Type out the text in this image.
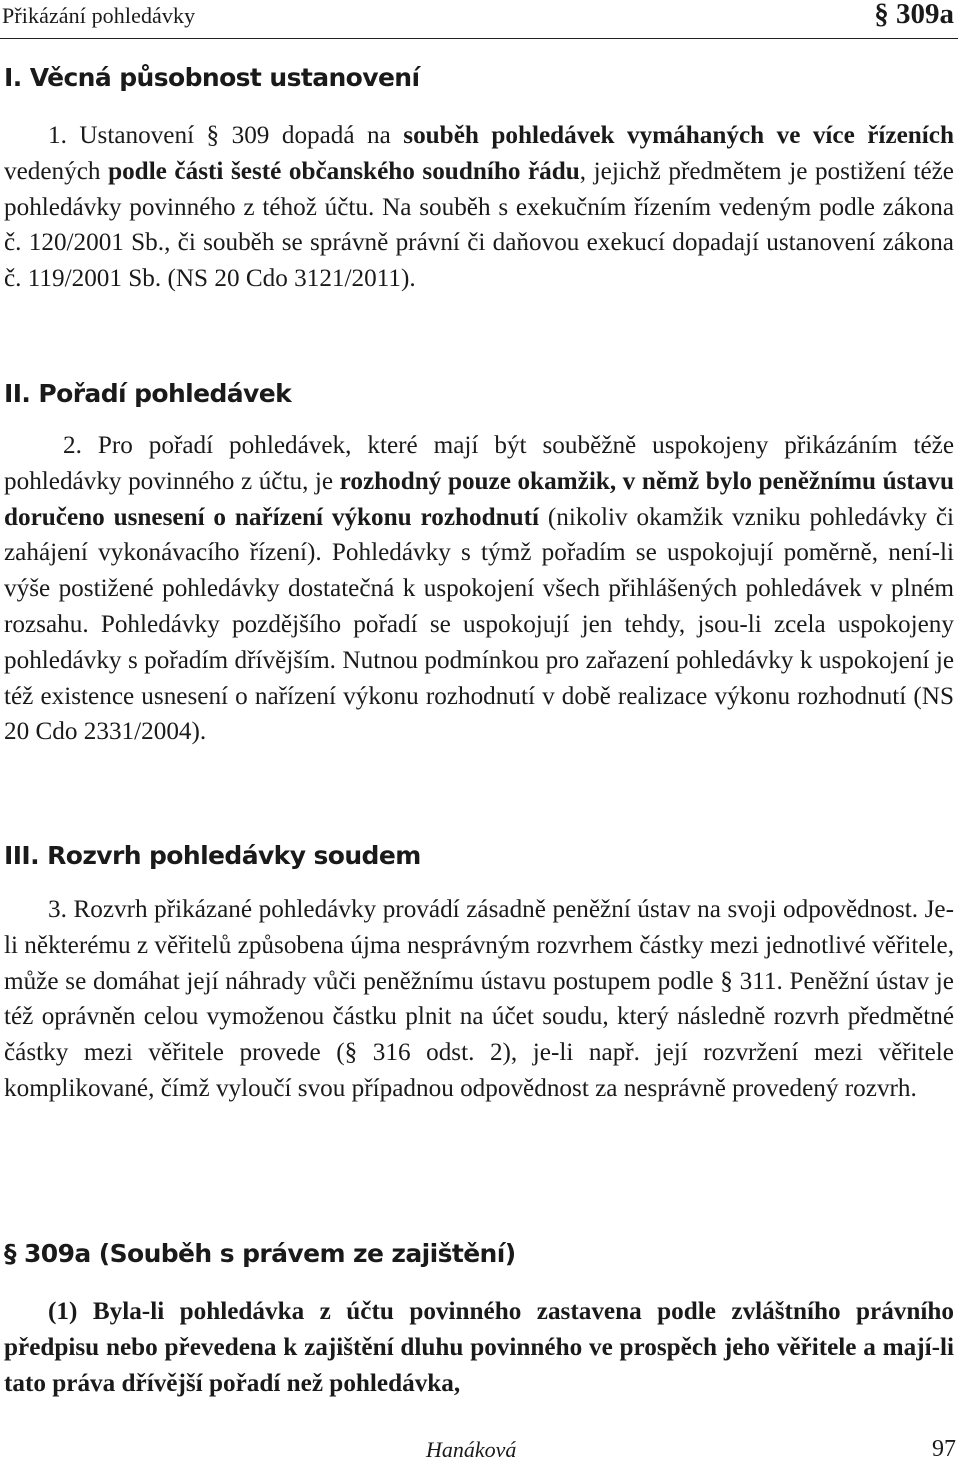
Přikázání pohledávky	§ 309a
I. Věcná působnost ustanovení

1. Ustanovení § 309 dopadá na souběh pohledávek vymáhaných ve více řízeních vedených podle části šesté občanského soudního řádu, jejichž předmětem je postižení téže pohledávky povinného z téhož účtu. Na souběh s exekučním řízením vedeným podle zákona č. 120/2001 Sb., či souběh se správně právní či daňovou exekucí dopadají ustanovení zákona č. 119/2001 Sb. (NS 20 Cdo 3121/2011).

II. Pořadí pohledávek

2. Pro pořadí pohledávek, které mají být souběžně uspokojeny přikázáním téže pohledávky povinného z účtu, je rozhodný pouze okamžik, v němž bylo peněžnímu ústavu doručeno usnesení o nařízení výkonu rozhodnutí (nikoliv okamžik vzniku pohledávky či zahájení vykonávacího řízení). Pohledávky s týmž pořadím se uspokojují poměrně, není-li výše postižené pohledávky dostatečná k uspokojení všech přihlášených pohledávek v plném rozsahu. Pohledávky pozdějšího pořadí se uspokojují jen tehdy, jsou-li zcela uspokojeny pohledávky s pořadím dřívějším. Nutnou podmínkou pro zařazení pohledávky k uspokojení je též existence usnesení o nařízení výkonu rozhodnutí v době realizace výkonu rozhodnutí (NS 20 Cdo 2331/2004).

III. Rozvrh pohledávky soudem

3. Rozvrh přikázané pohledávky provádí zásadně peněžní ústav na svoji odpovědnost. Je-li některému z věřitelů způsobena újma nesprávným rozvrhem částky mezi jednotlivé věřitele, může se domáhat její náhrady vůči peněžnímu ústavu postupem podle § 311. Peněžní ústav je též oprávněn celou vymoženou částku plnit na účet soudu, který následně rozvrh předmětné částky mezi věřitele provede (§ 316 odst. 2), je-li např. její rozvržení mezi věřitele komplikované, čímž vyloučí svou případnou odpovědnost za nesprávně provedený rozvrh.

§ 309a (Souběh s právem ze zajištění)

(1) Byla-li pohledávka z účtu povinného zastavena podle zvláštního právního předpisu nebo převedena k zajištění dluhu povinného ve prospěch jeho věřitele a mají-li tato práva dřívější pořadí než pohledávka,

Hanáková	97
